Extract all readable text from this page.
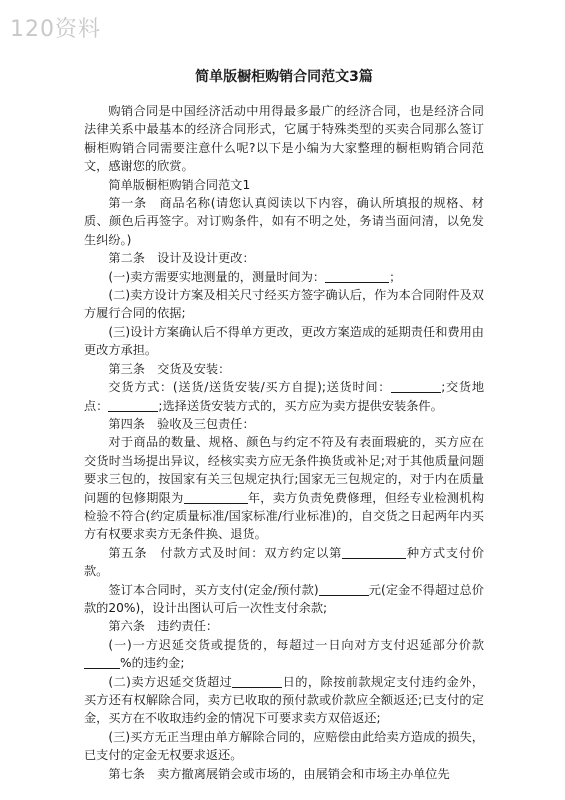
120资料
简单版橱柜购销合同范文3篇

购销合同是中国经济活动中用得最多最广的经济合同，也是经济合同法律关系中最基本的经济合同形式，它属于特殊类型的买卖合同那么签订橱柜购销合同需要注意什么呢?以下是小编为大家整理的橱柜购销合同范文，感谢您的欣赏。

简单版橱柜购销合同范文1

第一条　商品名称(请您认真阅读以下内容，确认所填报的规格、材质、颜色后再签字。对订购条件，如有不明之处，务请当面问清，以免发生纠纷。)

第二条　设计及设计更改：

(一)卖方需要实地测量的，测量时间为：	；

(二)卖方设计方案及相关尺寸经买方签字确认后，作为本合同附件及双方履行合同的依据;

(三)设计方案确认后不得单方更改，更改方案造成的延期责任和费用由更改方承担。

第三条　交货及安装：

交货方式：(送货/送货安装/买方自提);送货时间：	;交货地点：	;选择送货安装方式的，买方应为卖方提供安装条件。

第四条　验收及三包责任：

对于商品的数量、规格、颜色与约定不符及有表面瑕疵的，买方应在交货时当场提出异议，经核实卖方应无条件换货或补足;对于其他质量问题要求三包的，按国家有关三包规定执行;国家无三包规定的，对于内在质量问题的包修期限为	年，卖方负责免费修理，但经专业检测机构检验不符合(约定质量标准/国家标准/行业标准)的，自交货之日起两年内买方有权要求卖方无条件换、退货。

第五条　付款方式及时间：双方约定以第	种方式支付价款。

签订本合同时，买方支付(定金/预付款)	元(定金不得超过总价款的20%)，设计出图认可后一次性支付余款;

第六条　违约责任：

(一)一方迟延交货或提货的，每超过一日向对方支付迟延部分价款%的违约金;

(二)卖方迟延交货超过	日的，除按前款规定支付违约金外，买方还有权解除合同，卖方已收取的预付款或价款应全额返还;已支付的定金，买方在不收取违约金的情况下可要求卖方双倍返还;

(三)买方无正当理由单方解除合同的，应赔偿由此给卖方造成的损失，已支付的定金无权要求返还。

第七条　卖方撤离展销会或市场的，由展销会和市场主办单位先
